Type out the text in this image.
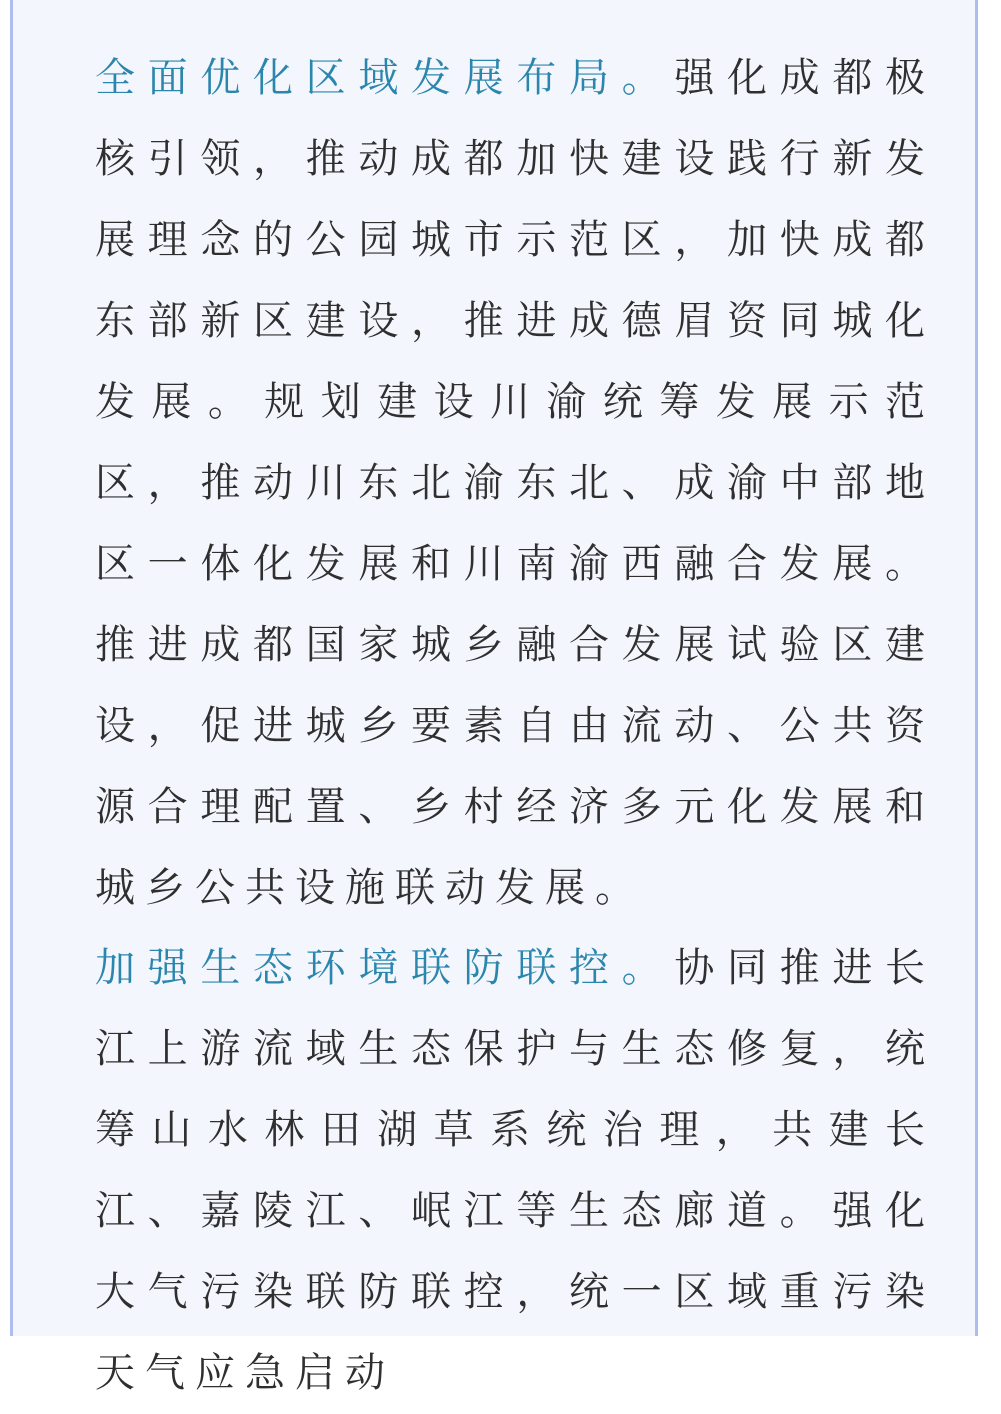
全面优化区域发展布局。强化成都极核引领，推动成都加快建设践行新发展理念的公园城市示范区，加快成都东部新区建设，推进成德眉资同城化发展。规划建设川渝统筹发展示范区，推动川东北渝东北、成渝中部地区一体化发展和川南渝西融合发展。推进成都国家城乡融合发展试验区建设，促进城乡要素自由流动、公共资源合理配置、乡村经济多元化发展和城乡公共设施联动发展。

加强生态环境联防联控。协同推进长江上游流域生态保护与生态修复，统筹山水林田湖草系统治理，共建长江、嘉陵江、岷江等生态廊道。强化大气污染联防联控，统一区域重污染天气应急启动
